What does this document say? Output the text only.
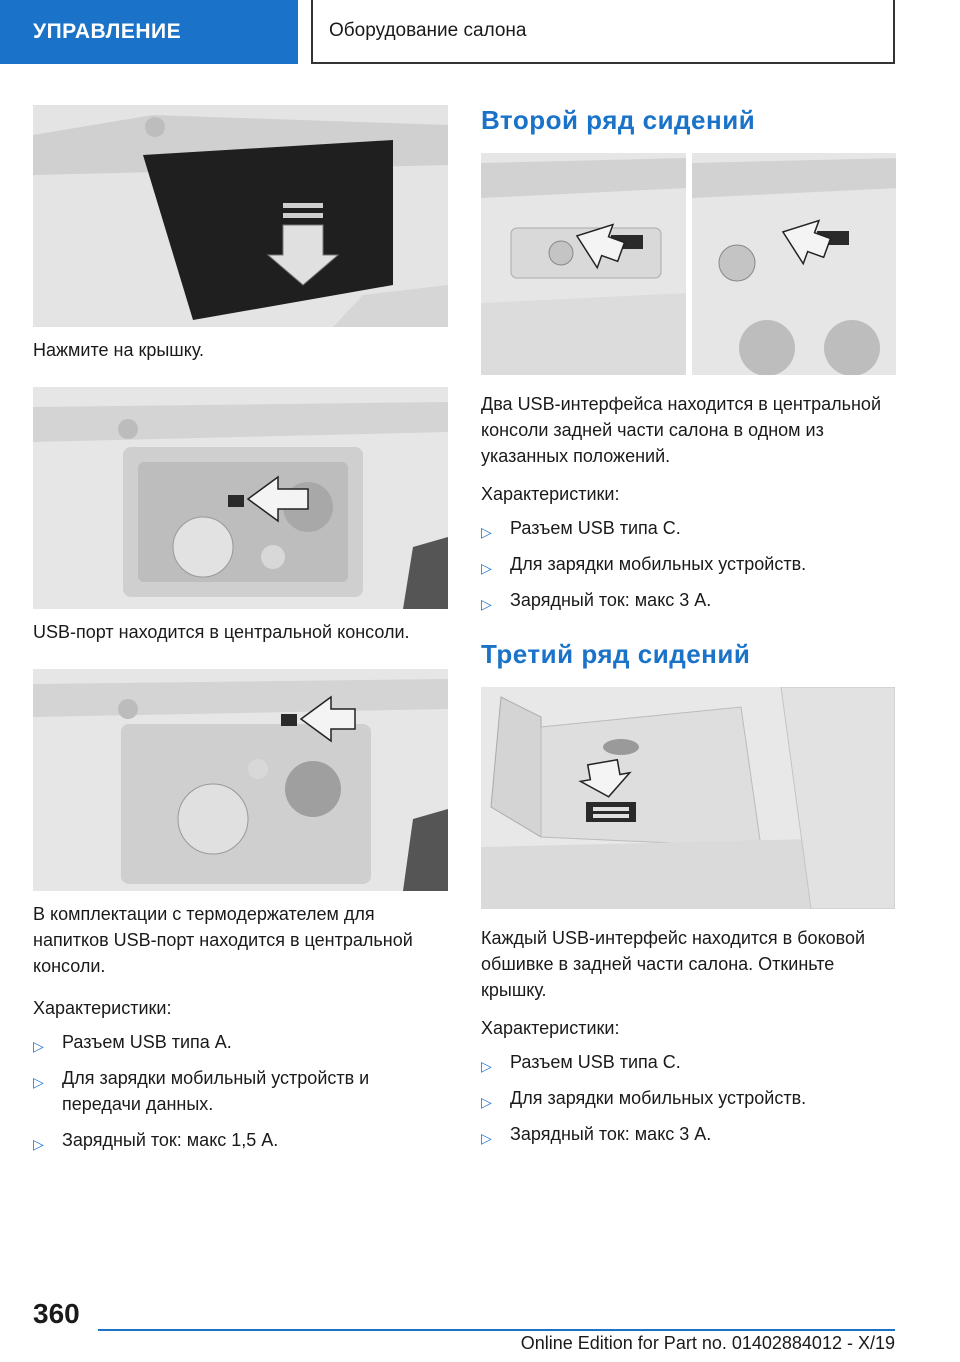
УПРАВЛЕНИЕ	Оборудование салона

Нажмите на крышку.

USB-порт находится в центральной консоли.

В комплектации с термодержателем для напитков USB-порт находится в центральной консоли.

Характеристики:

▷ Разъем USB типа A.
▷ Для зарядки мобильный устройств и передачи данных.
▷ Зарядный ток: макс 1,5 A.
Второй ряд сидений

Два USB-интерфейса находится в центральной консоли задней части салона в одном из указанных положений.

Характеристики:

▷ Разъем USB типа C.
▷ Для зарядки мобильных устройств.
▷ Зарядный ток: макс 3 A.
Третий ряд сидений

Каждый USB-интерфейс находится в боковой обшивке в задней части салона. Откиньте крышку.

Характеристики:

▷ Разъем USB типа C.
▷ Для зарядки мобильных устройств.
▷ Зарядный ток: макс 3 A.
360
Online Edition for Part no. 01402884012 - X/19
